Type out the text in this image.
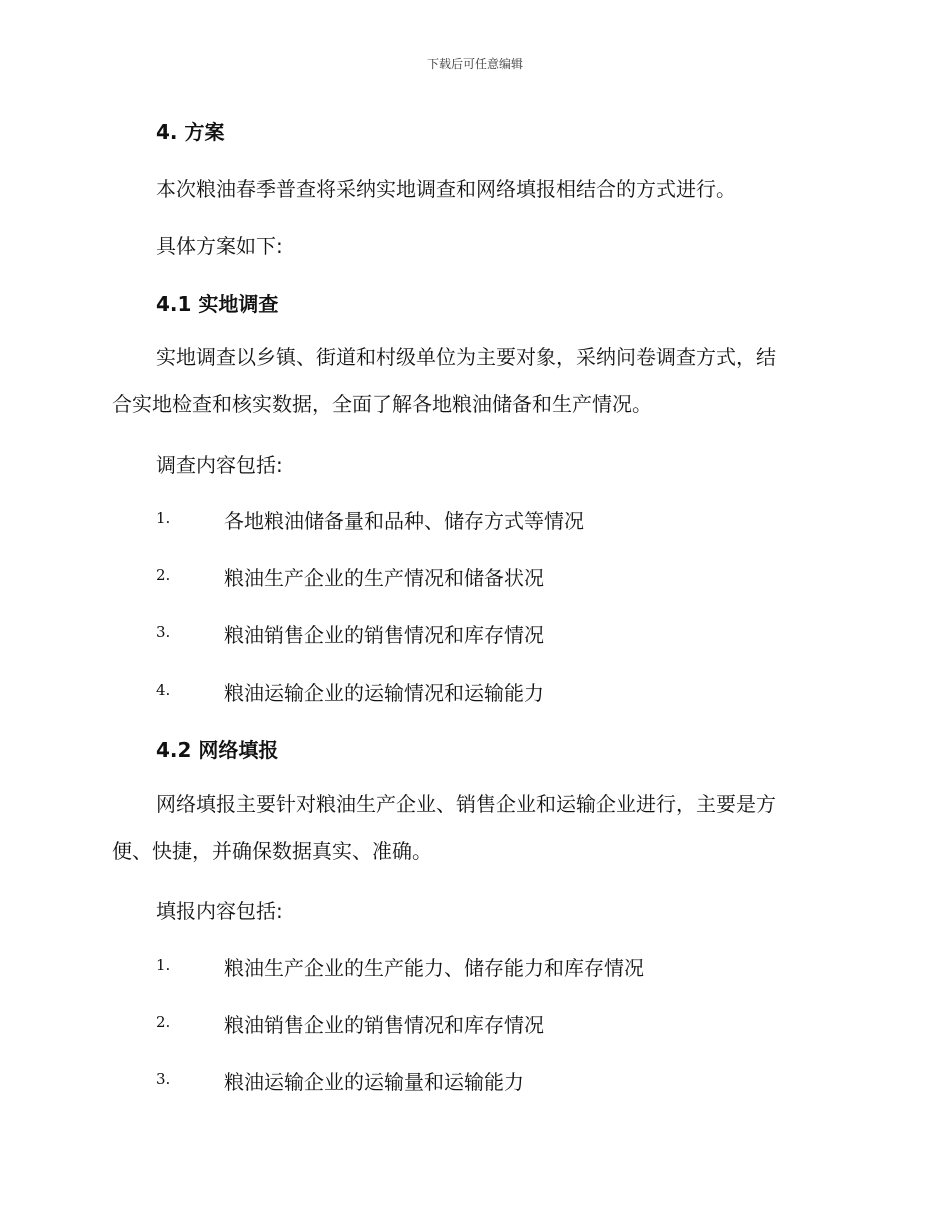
下载后可任意编辑
4. 方案
本次粮油春季普查将采纳实地调查和网络填报相结合的方式进行。
具体方案如下:
4.1 实地调查
实地调查以乡镇、街道和村级单位为主要对象，采纳问卷调查方式，结
合实地检查和核实数据，全面了解各地粮油储备和生产情况。
调查内容包括:
1.	各地粮油储备量和品种、储存方式等情况
2.	粮油生产企业的生产情况和储备状况
3.	粮油销售企业的销售情况和库存情况
4.	粮油运输企业的运输情况和运输能力
4.2 网络填报
网络填报主要针对粮油生产企业、销售企业和运输企业进行，主要是方
便、快捷，并确保数据真实、准确。
填报内容包括:
1.	粮油生产企业的生产能力、储存能力和库存情况
2.	粮油销售企业的销售情况和库存情况
3.	粮油运输企业的运输量和运输能力
